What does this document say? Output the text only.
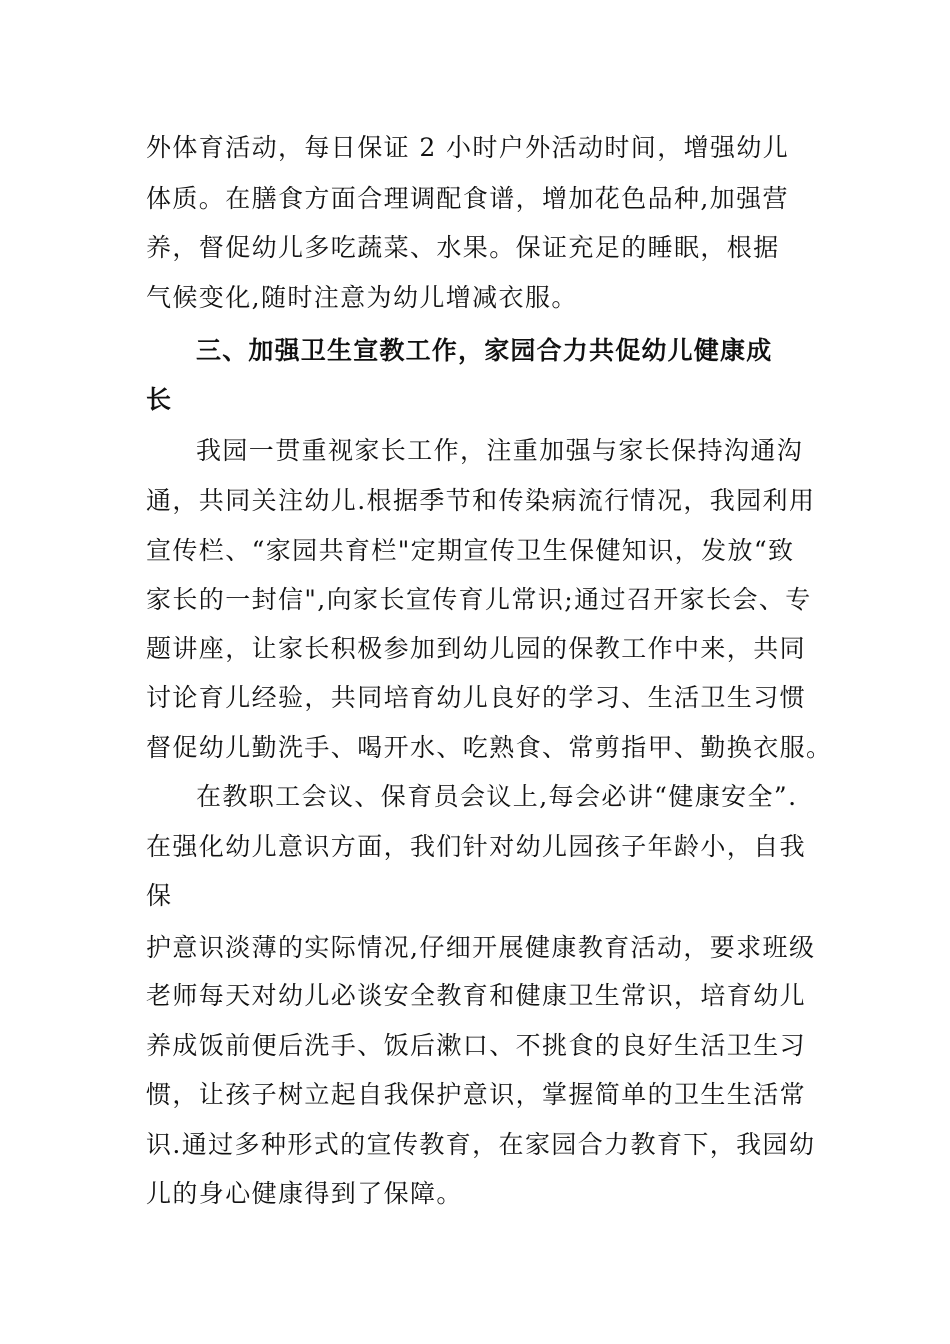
外体育活动，每日保证 2 小时户外活动时间，增强幼儿
体质。在膳食方面合理调配食谱，增加花色品种,加强营
养，督促幼儿多吃蔬菜、水果。保证充足的睡眠，根据
气候变化,随时注意为幼儿增减衣服。
三、加强卫生宣教工作，家园合力共促幼儿健康成
长
我园一贯重视家长工作，注重加强与家长保持沟通沟
通，共同关注幼儿.根据季节和传染病流行情况，我园利用
宣传栏、“家园共育栏"定期宣传卫生保健知识，发放“致
家长的一封信",向家长宣传育儿常识;通过召开家长会、专
题讲座，让家长积极参加到幼儿园的保教工作中来，共同
讨论育儿经验，共同培育幼儿良好的学习、生活卫生习惯
督促幼儿勤洗手、喝开水、吃熟食、常剪指甲、勤换衣服。
在教职工会议、保育员会议上,每会必讲“健康安全”.
在强化幼儿意识方面，我们针对幼儿园孩子年龄小，自我
保
护意识淡薄的实际情况,仔细开展健康教育活动，要求班级
老师每天对幼儿必谈安全教育和健康卫生常识，培育幼儿
养成饭前便后洗手、饭后漱口、不挑食的良好生活卫生习
惯，让孩子树立起自我保护意识，掌握简单的卫生生活常
识.通过多种形式的宣传教育，在家园合力教育下，我园幼
儿的身心健康得到了保障。
